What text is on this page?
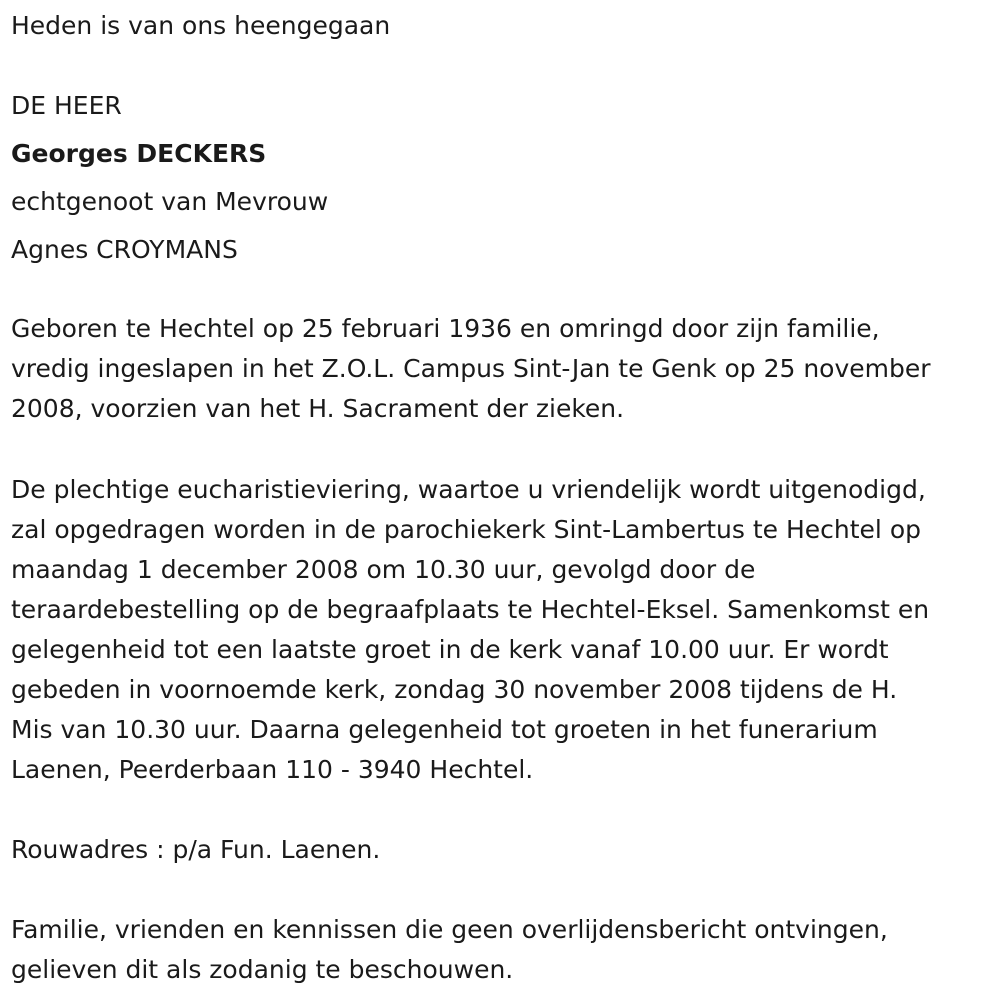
Heden is van ons heengegaan
DE HEER
Georges DECKERS
echtgenoot van Mevrouw
Agnes CROYMANS
Geboren te Hechtel op 25 februari 1936 en omringd door zijn familie,
vredig ingeslapen in het Z.O.L. Campus Sint-Jan te Genk op 25 november
2008, voorzien van het H. Sacrament der zieken.
De plechtige eucharistieviering, waartoe u vriendelijk wordt uitgenodigd,
zal opgedragen worden in de parochiekerk Sint-Lambertus te Hechtel op
maandag 1 december 2008 om 10.30 uur, gevolgd door de
teraardebestelling op de begraafplaats te Hechtel-Eksel. Samenkomst en
gelegenheid tot een laatste groet in de kerk vanaf 10.00 uur. Er wordt
gebeden in voornoemde kerk, zondag 30 november 2008 tijdens de H.
Mis van 10.30 uur. Daarna gelegenheid tot groeten in het funerarium
Laenen, Peerderbaan 110 - 3940 Hechtel.
Rouwadres : p/a Fun. Laenen.
Familie, vrienden en kennissen die geen overlijdensbericht ontvingen,
gelieven dit als zodanig te beschouwen.
